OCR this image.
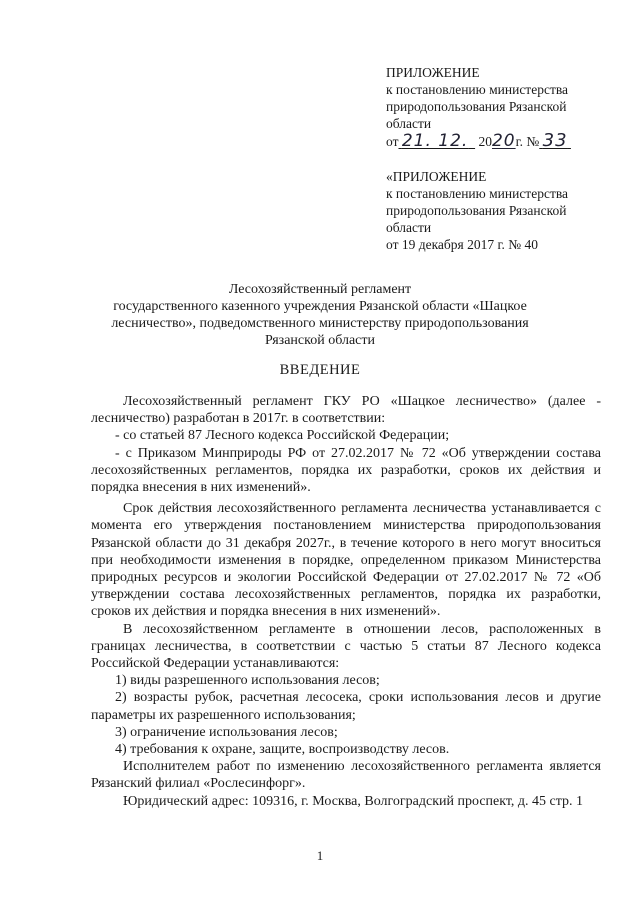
ПРИЛОЖЕНИЕ
к постановлению министерства
природопользования Рязанской
области
от 21. 12. 2020г. № 33
«ПРИЛОЖЕНИЕ
к постановлению министерства
природопользования Рязанской
области
от 19 декабря 2017 г. № 40
Лесохозяйственный регламент
государственного казенного учреждения Рязанской области «Шацкое
лесничество», подведомственного министерству природопользования
Рязанской области
ВВЕДЕНИЕ

Лесохозяйственный регламент ГКУ РО «Шацкое лесничество» (далее - лесничество) разработан в 2017г. в соответствии:

- со статьей 87 Лесного кодекса Российской Федерации;

- с Приказом Минприроды РФ от 27.02.2017 № 72 «Об утверждении состава лесохозяйственных регламентов, порядка их разработки, сроков их действия и порядка внесения в них изменений».

Срок действия лесохозяйственного регламента лесничества устанавливается с момента его утверждения постановлением министерства природопользования Рязанской области до 31 декабря 2027г., в течение которого в него могут вноситься при необходимости изменения в порядке, определенном приказом Министерства природных ресурсов и экологии Российской Федерации от 27.02.2017 № 72 «Об утверждении состава лесохозяйственных регламентов, порядка их разработки, сроков их действия и порядка внесения в них изменений».

В лесохозяйственном регламенте в отношении лесов, расположенных в границах лесничества, в соответствии с частью 5 статьи 87 Лесного кодекса Российской Федерации устанавливаются:

1) виды разрешенного использования лесов;

2) возрасты рубок, расчетная лесосека, сроки использования лесов и другие параметры их разрешенного использования;

3) ограничение использования лесов;

4) требования к охране, защите, воспроизводству лесов.

Исполнителем работ по изменению лесохозяйственного регламента является Рязанский филиал «Рослесинфорг».

Юридический адрес: 109316, г. Москва, Волгоградский проспект, д. 45 стр. 1

1
